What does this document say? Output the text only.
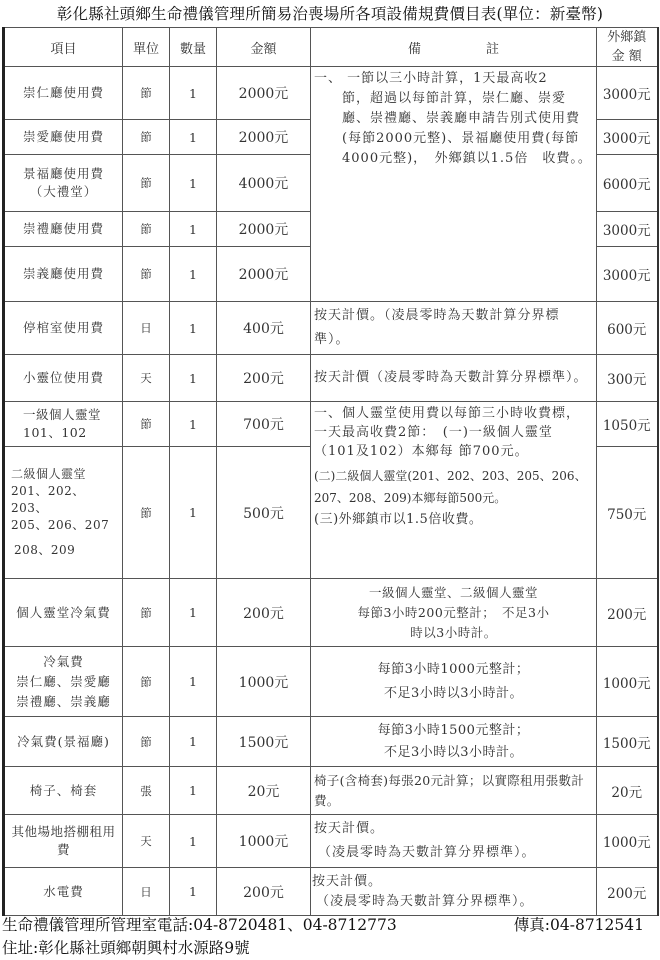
彰化縣社頭鄉生命禮儀管理所簡易治喪場所各項設備規費價目表(單位：新臺幣)
項目	單位	數量	金額	備　　　　　註	外鄉鎮
金 額

崇仁廳使用費	節	1	2000元	一、 一節以三小時計算，1天最高收2
節，超過以每節計算，崇仁廳、崇愛廳、崇禮廳、崇義廳申請告別式使用費(每節2000元整)、景福廳使用費(每節4000元整)，　外鄉鎮以1.5倍　收費。。	3000元
崇愛廳使用費	節	1	2000元		3000元

景福廳使用費
（大禮堂）	節	1	4000元		6000元
崇禮廳使用費	節	1	2000元		3000元
崇義廳使用費	節	1	2000元		3000元
停棺室使用費	日	1	400元	按天計價。（凌晨零時為天數計算分界標準）。	600元
小靈位使用費	天	1	200元	按天計價（凌晨零時為天數計算分界標準）。	300元

一級個人靈堂
101、102	節	1	700元	一、個人靈堂使用費以每節三小時收費標，一天最高收費2節：　(一)一級個人靈堂（101及102）本鄉每 節700元。
(二)二級個人靈堂(201、202、203、205、206、207、208、209)本鄉每節500元。
(三)外鄉鎮市以1.5倍收費。	1050元

二級個人靈堂
201、202、203、
205、206、207
208、209	節	1	500元		750元
個人靈堂冷氣費	節	1	200元	一級個人靈堂、二級個人靈堂
每節3小時200元整計；　不足3小
時以3小時計。	200元

冷氣費
崇仁廳、崇愛廳
崇禮廳、崇義廳	節	1	1000元	每節3小時1000元整計；
不足3小時以3小時計。	1000元
冷氣費(景福廳)	節	1	1500元	每節3小時1500元整計；
不足3小時以3小時計。	1500元
椅子、椅套	張	1	20元	椅子(含椅套)每張20元計算；以實際租用張數計費。	20元
其他場地搭棚租用費	天	1	1000元	按天計價。
（凌晨零時為天數計算分界標準）。	1000元
水電費	日	1	200元	按天計價。
（凌晨零時為天數計算分界標準）。	200元
生命禮儀管理所管理室電話:04-8720481、04-8712773	傳真:04-8712541
住址:彰化縣社頭鄉朝興村水源路9號
